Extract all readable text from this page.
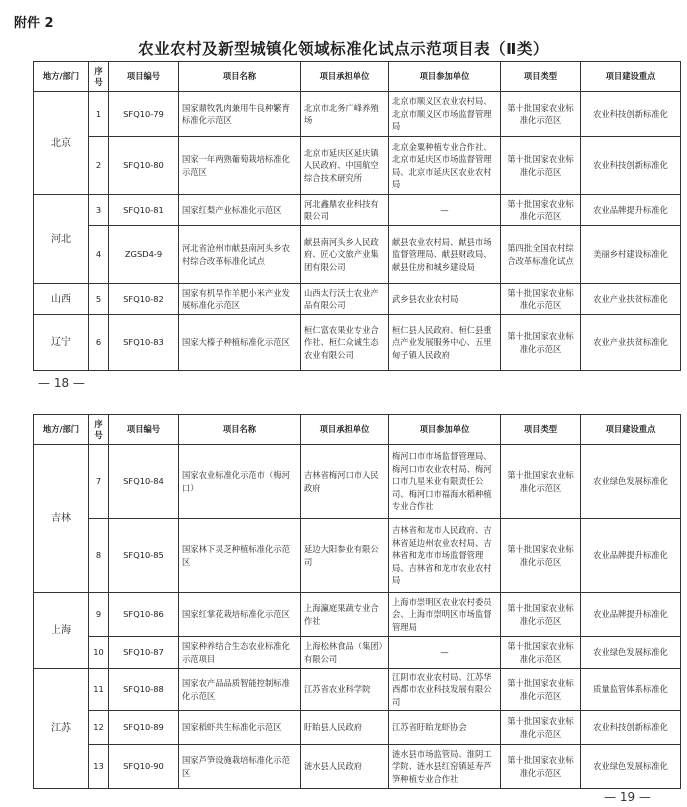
附件 2
农业农村及新型城镇化领域标准化试点示范项目表（Ⅱ类）
地方/部门	序号	项目编号	项目名称	项目承担单位	项目参加单位	项目类型	项目建设重点
北京	1	SFQ10-79	国家鼎牧乳肉兼用牛良种繁育标准化示范区	北京市北务广峰养殖场	北京市顺义区农业农村局、北京市顺义区市场监督管理局	第十批国家农业标准化示范区	农业科技创新标准化
	2	SFQ10-80	国家一年两熟葡萄栽培标准化示范区	北京市延庆区延庆镇人民政府、中国航空综合技术研究所	北京金粟种植专业合作社、北京市延庆区市场监督管理局、北京市延庆区农业农村局	第十批国家农业标准化示范区	农业科技创新标准化
河北	3	SFQ10-81	国家红梨产业标准化示范区	河北鑫鼎农业科技有限公司	—	第十批国家农业标准化示范区	农业品牌提升标准化
	4	ZGSD4-9	河北省沧州市献县南河头乡农村综合改革标准化试点	献县南河头乡人民政府、匠心文旅产业集团有限公司	献县农业农村局、献县市场监督管理局、献县财政局、献县住房和城乡建设局	第四批全国农村综合改革标准化试点	美丽乡村建设标准化
山西	5	SFQ10-82	国家有机旱作羊肥小米产业发展标准化示范区	山西太行沃土农业产品有限公司	武乡县农业农村局	第十批国家农业标准化示范区	农业产业扶贫标准化
辽宁	6	SFQ10-83	国家大榛子种植标准化示范区	桓仁富农果业专业合作社、桓仁众诚生态农业有限公司	桓仁县人民政府、桓仁县重点产业发展服务中心、五里甸子镇人民政府	第十批国家农业标准化示范区	农业产业扶贫标准化
— 18 —
地方/部门	序号	项目编号	项目名称	项目承担单位	项目参加单位	项目类型	项目建设重点
吉林	7	SFQ10-84	国家农业标准化示范市（梅河口）	吉林省梅河口市人民政府	梅河口市市场监督管理局、梅河口市农业农村局、梅河口市九星米业有限责任公司、梅河口市福海水稻种植专业合作社	第十批国家农业标准化示范区	农业绿色发展标准化
	8	SFQ10-85	国家林下灵芝种植标准化示范区	延边大阳参业有限公司	吉林省和龙市人民政府、吉林省延边州农业农村局、吉林省和龙市市场监督管理局、吉林省和龙市农业农村局	第十批国家农业标准化示范区	农业品牌提升标准化
上海	9	SFQ10-86	国家红掌花栽培标准化示范区	上海瀛庭果蔬专业合作社	上海市崇明区农业农村委员会、上海市崇明区市场监督管理局	第十批国家农业标准化示范区	农业品牌提升标准化
	10	SFQ10-87	国家种养结合生态农业标准化示范项目	上海松林食品（集团）有限公司	—	第十批国家农业标准化示范区	农业绿色发展标准化
江苏	11	SFQ10-88	国家农产品品质智能控制标准化示范区	江苏省农业科学院	江阴市农业农村局、江苏华西都市农业科技发展有限公司	第十批国家农业标准化示范区	质量监管体系标准化
	12	SFQ10-89	国家稻虾共生标准化示范区	盱眙县人民政府	江苏省盱眙龙虾协会	第十批国家农业标准化示范区	农业科技创新标准化
	13	SFQ10-90	国家芦笋设施栽培标准化示范区	涟水县人民政府	涟水县市场监管局、淮阴工学院、涟水县红窑镇延寿芦笋种植专业合作社	第十批国家农业标准化示范区	农业绿色发展标准化
— 19 —
